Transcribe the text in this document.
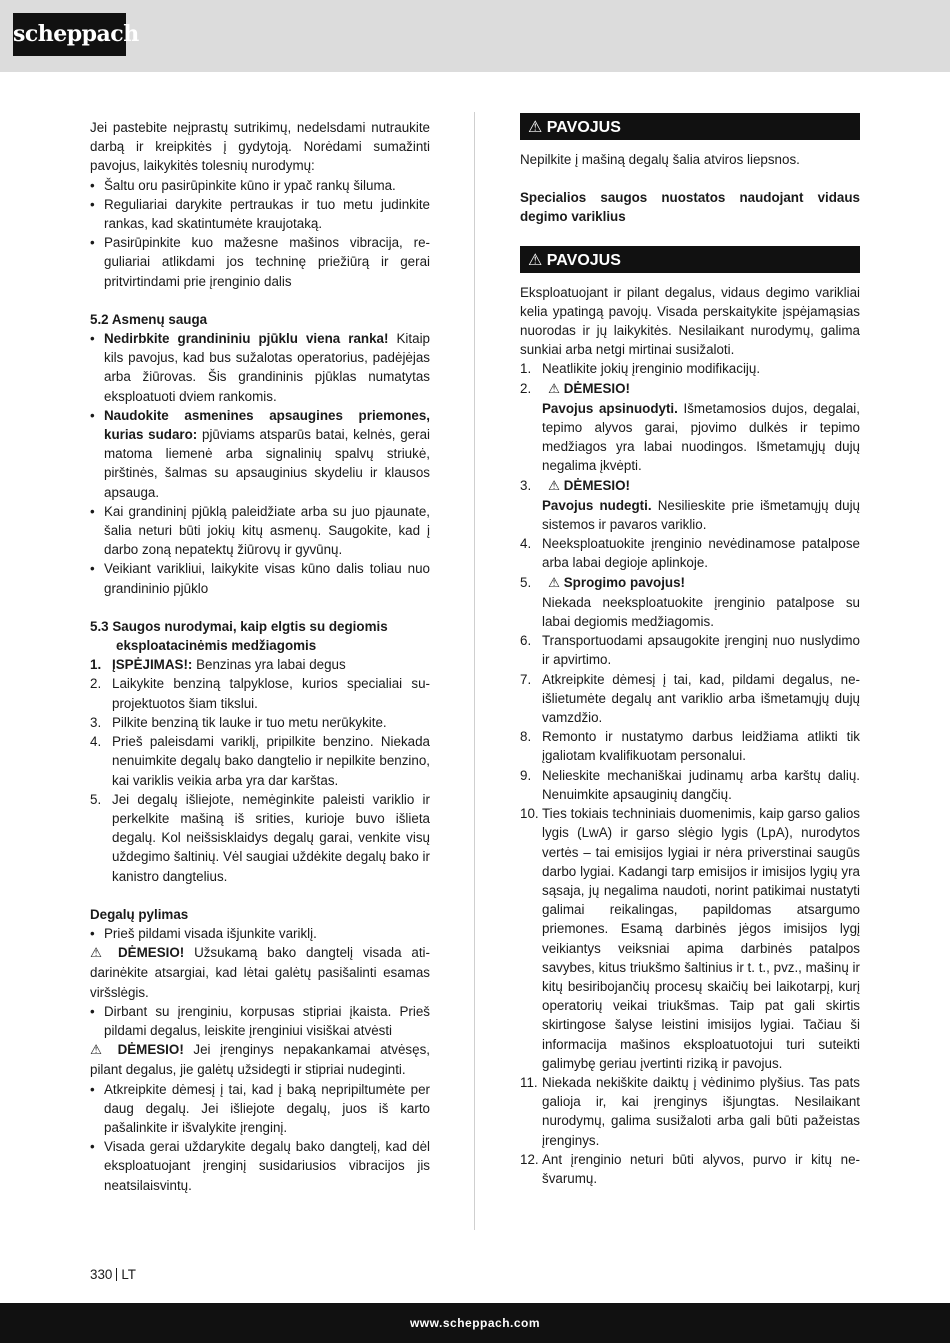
scheppach

Jei pastebite neįprastų sutrikimų, nedelsdami nutraukite darbą ir kreipkitės į gydytoją. Norėdami sumažinti pavojus, laikykitės tolesnių nurodymų:

• Šaltu oru pasirūpinkite kūno ir ypač rankų šiluma.
• Reguliariai darykite pertraukas ir tuo metu judinkite rankas, kad skatintumėte kraujotaką.
• Pasirūpinkite kuo mažesne mašinos vibracija, reguliariai atlikdami jos techninę priežiūrą ir gerai pritvirtindami prie įrenginio dalis
5.2 Asmenų sauga
• Nedirbkite grandininiu pjūklu viena ranka! Kitaip kils pavojus, kad bus sužalotas operatorius, padėjėjas arba žiūrovas. Šis grandininis pjūklas numatytas eksploatuoti dviem rankomis.
• Naudokite asmenines apsaugines priemones, kurias sudaro: pjūviams atsparūs batai, kelnės, gerai matoma liemenė arba signalinių spalvų striukė, pirštinės, šalmas su apsauginius skydeliu ir klausos apsauga.
• Kai grandininį pjūklą paleidžiate arba su juo pjaunate, šalia neturi būti jokių kitų asmenų. Saugokite, kad į darbo zoną nepatektų žiūrovų ir gyvūnų.
• Veikiant varikliui, laikykite visas kūno dalis toliau nuo grandininio pjūklo
5.3 Saugos nurodymai, kaip elgtis su degiomis eksploatacinėmis medžiagomis
1. ĮSPĖJIMAS!: Benzinas yra labai degus
2. Laikykite benziną talpyklose, kurios specialiai suprojektuotos šiam tikslui.
3. Pilkite benziną tik lauke ir tuo metu nerūkykite.
4. Prieš paleisdami variklį, pripilkite benzino. Niekada nenuimkite degalų bako dangtelio ir nepilkite benzino, kai variklis veikia arba yra dar karštas.
5. Jei degalų išliejote, nemėginkite paleisti variklio ir perkelkite mašiną iš srities, kurioje buvo išlieta degalų. Kol neišsisklaidys degalų garai, venkite visų uždegimo šaltinių. Vėl saugiai uždėkite degalų bako ir kanistro dangtelius.
Degalų pylimas
• Prieš pildami visada išjunkite variklį.

⚠ DĖMESIO! Užsukamą bako dangtelį visada atidarinėkite atsargiai, kad lėtai galėtų pasišalinti esamas viršslėgis.

• Dirbant su įrenginiu, korpusas stipriai įkaista. Prieš pildami degalus, leiskite įrenginiui visiškai atvėsti

⚠ DĖMESIO! Jei įrenginys nepakankamai atvėsęs, pilant degalus, jie galėtų užsidegti ir stipriai nudeginti.

• Atkreipkite dėmesį į tai, kad į baką nepripiltumėte per daug degalų. Jei išliejote degalų, juos iš karto pašalinkite ir išvalykite įrenginį.
• Visada gerai uždarykite degalų bako dangtelį, kad dėl eksploatuojant įrenginį susidariusios vibracijos jis neatsilaisvintų.
⚠ PAVOJUS

Nepilkite į mašiną degalų šalia atviros liepsnos.

Specialios saugos nuostatos naudojant vidaus degimo variklius
⚠ PAVOJUS

Eksploatuojant ir pilant degalus, vidaus degimo varikliai kelia ypatingą pavojų. Visada perskaitykite įspėjamąsias nuorodas ir jų laikykitės. Nesilaikant nurodymų, galima sunkiai arba netgi mirtinai susižaloti.

1. Neatlikite jokių įrenginio modifikacijų.
2.	⚠ DĖMESIO!
Pavojus apsinuodyti. Išmetamosios dujos, degalai, tepimo alyvos garai, pjovimo dulkės ir tepimo medžiagos yra labai nuodingos. Išmetamųjų dujų negalima įkvėpti.
3.	⚠ DĖMESIO!
Pavojus nudegti. Nesilieskite prie išmetamųjų dujų sistemos ir pavaros variklio.
4. Neeksploatuokite įrenginio nevėdinamose patalpose arba labai degioje aplinkoje.
5.	⚠ Sprogimo pavojus!
Niekada neeksploatuokite įrenginio patalpose su labai degiomis medžiagomis.
6. Transportuodami apsaugokite įrenginį nuo nuslydimo ir apvirtimo.
7. Atkreipkite dėmesį į tai, kad, pildami degalus, neišlietumėte degalų ant variklio arba išmetamųjų dujų vamzdžio.
8. Remonto ir nustatymo darbus leidžiama atlikti tik įgaliotam kvalifikuotam personalui.
9. Nelieskite mechaniškai judinamų arba karštų dalių. Nenuimkite apsauginių dangčių.
10. Ties tokiais techniniais duomenimis, kaip garso galios lygis (LwA) ir garso slėgio lygis (LpA), nurodytos vertės – tai emisijos lygiai ir nėra priverstinai saugūs darbo lygiai. Kadangi tarp emisijos ir imisijos lygių yra sąsaja, jų negalima naudoti, norint patikimai nustatyti galimai reikalingas, papildomas atsargumo priemones. Esamą darbinės jėgos imisijos lygį veikiantys veiksniai apima darbinės patalpos savybes, kitus triukšmo šaltinius ir t. t., pvz., mašinų ir kitų besiribojančių procesų skaičių bei laikotarpį, kurį operatorių veikai triukšmas. Taip pat gali skirtis skirtingose šalyse leistini imisijos lygiai. Tačiau ši informacija mašinos eksploatuotojui turi suteikti galimybę geriau įvertinti riziką ir pavojus.
11. Niekada nekiškite daiktų į vėdinimo plyšius. Tas pats galioja ir, kai įrenginys išjungtas. Nesilaikant nurodymų, galima susižaloti arba gali būti pažeistas įrenginys.
12. Ant įrenginio neturi būti alyvos, purvo ir kitų nešvarumų.
330 LT
www.scheppach.com
